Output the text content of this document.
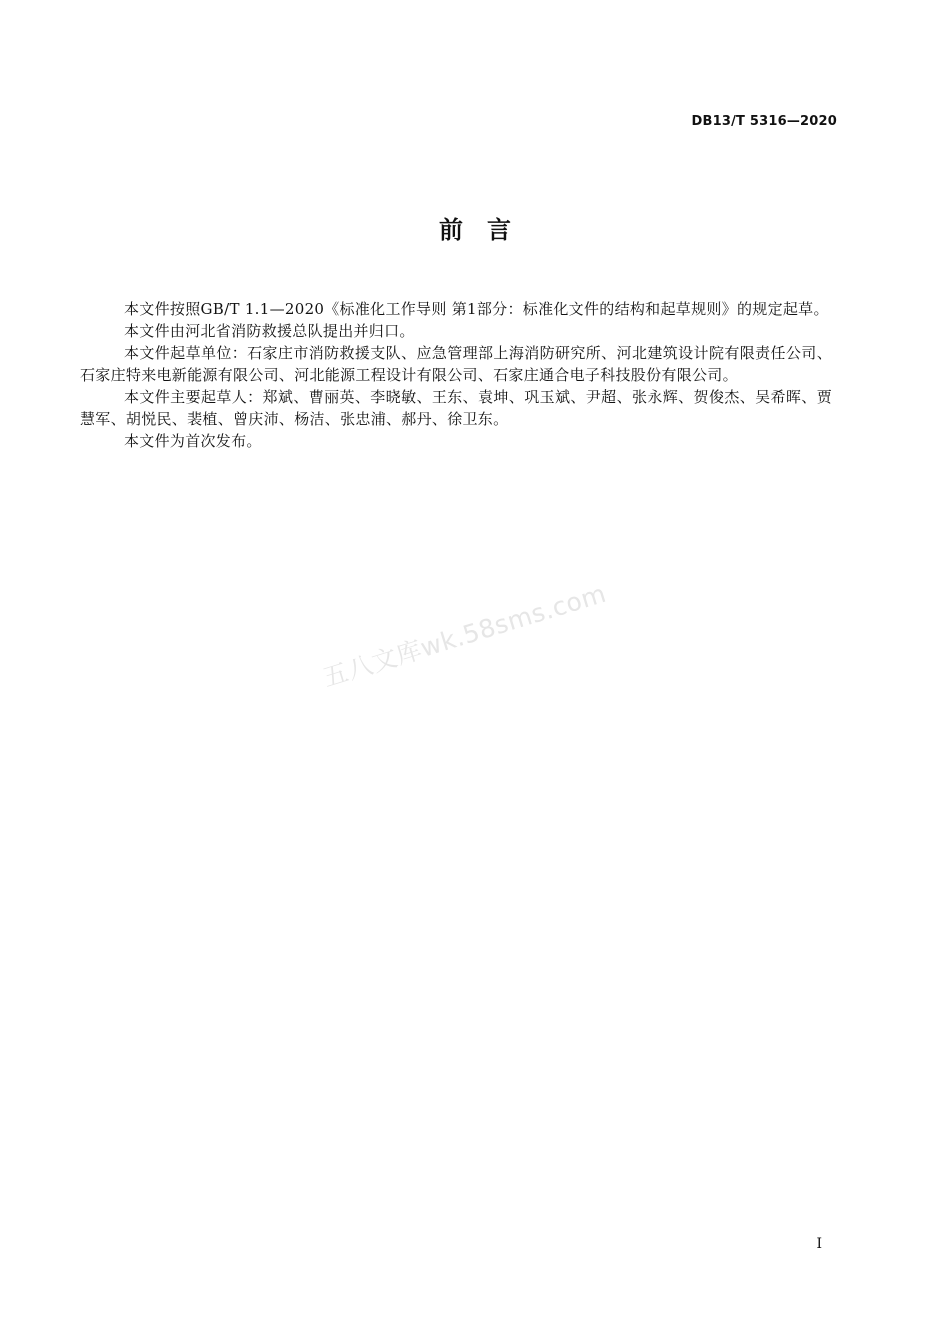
DB13/T 5316—2020
前言

本文件按照GB/T 1.1—2020《标准化工作导则 第1部分：标准化文件的结构和起草规则》的规定起草。

本文件由河北省消防救援总队提出并归口。

本文件起草单位：石家庄市消防救援支队、应急管理部上海消防研究所、河北建筑设计院有限责任公司、石家庄特来电新能源有限公司、河北能源工程设计有限公司、石家庄通合电子科技股份有限公司。

本文件主要起草人：郑斌、曹丽英、李晓敏、王东、袁坤、巩玉斌、尹超、张永辉、贺俊杰、吴希晖、贾慧军、胡悦民、裴植、曾庆沛、杨洁、张忠浦、郝丹、徐卫东。

本文件为首次发布。

五八文库wk.58sms.com
I
